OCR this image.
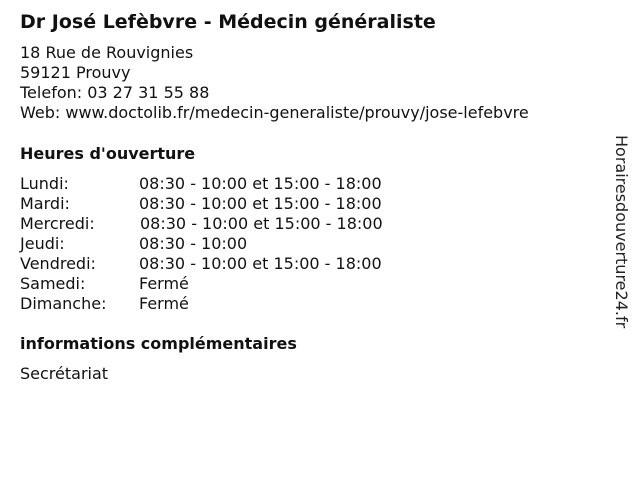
Dr José Lefèbvre - Médecin généraliste
18 Rue de Rouvignies
59121 Prouvy
Telefon: 03 27 31 55 88
Web: www.doctolib.fr/medecin-generaliste/prouvy/jose-lefebvre
Heures d'ouverture
Lundi:	08:30 - 10:00 et 15:00 - 18:00
Mardi:	08:30 - 10:00 et 15:00 - 18:00
Mercredi:	08:30 - 10:00 et 15:00 - 18:00
Jeudi:	08:30 - 10:00
Vendredi:	08:30 - 10:00 et 15:00 - 18:00
Samedi:	Fermé
Dimanche:	Fermé
informations complémentaires
Secrétariat
Horairesdouverture24.fr
